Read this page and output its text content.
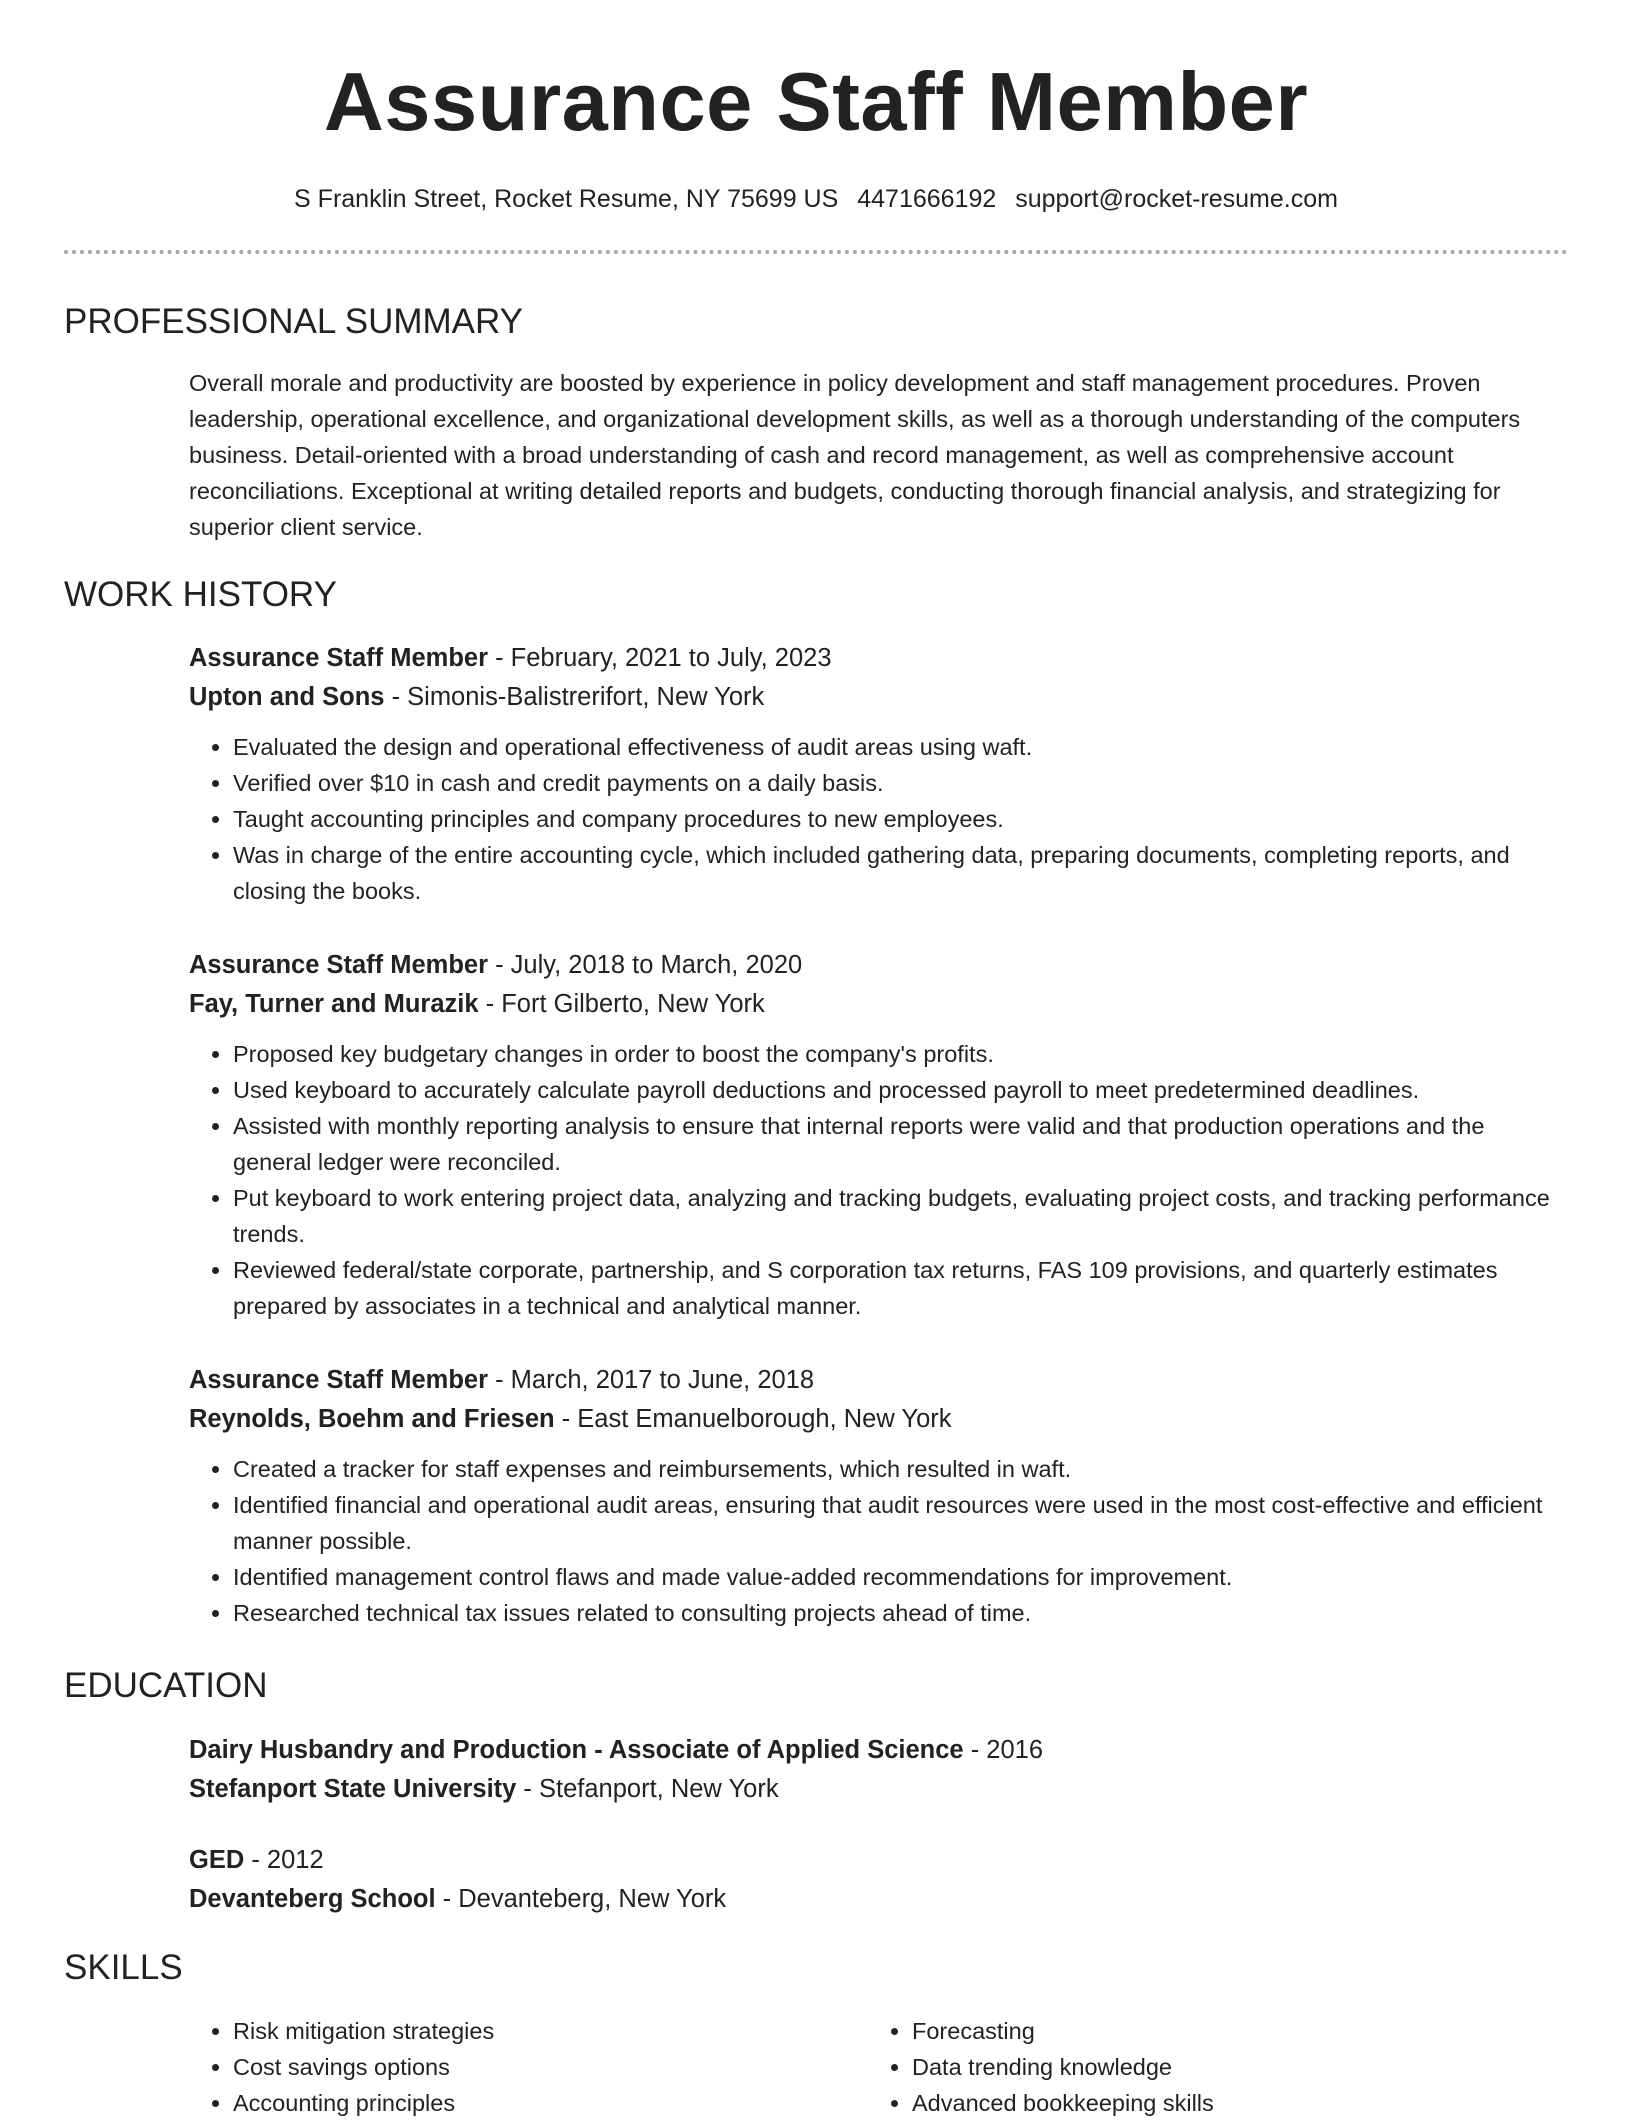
Assurance Staff Member
S Franklin Street, Rocket Resume, NY 75699 US 4471666192 support@rocket-resume.com
PROFESSIONAL SUMMARY

Overall morale and productivity are boosted by experience in policy development and staff management procedures. Proven leadership, operational excellence, and organizational development skills, as well as a thorough understanding of the computers business. Detail-oriented with a broad understanding of cash and record management, as well as comprehensive account reconciliations. Exceptional at writing detailed reports and budgets, conducting thorough financial analysis, and strategizing for superior client service.

WORK HISTORY
Assurance Staff Member - February, 2021 to July, 2023
Upton and Sons - Simonis-Balistrerifort, New York
• Evaluated the design and operational effectiveness of audit areas using waft.
• Verified over $10 in cash and credit payments on a daily basis.
• Taught accounting principles and company procedures to new employees.
• Was in charge of the entire accounting cycle, which included gathering data, preparing documents, completing reports, and closing the books.
Assurance Staff Member - July, 2018 to March, 2020
Fay, Turner and Murazik - Fort Gilberto, New York
• Proposed key budgetary changes in order to boost the company's profits.
• Used keyboard to accurately calculate payroll deductions and processed payroll to meet predetermined deadlines.
• Assisted with monthly reporting analysis to ensure that internal reports were valid and that production operations and the general ledger were reconciled.
• Put keyboard to work entering project data, analyzing and tracking budgets, evaluating project costs, and tracking performance trends.
• Reviewed federal/state corporate, partnership, and S corporation tax returns, FAS 109 provisions, and quarterly estimates prepared by associates in a technical and analytical manner.
Assurance Staff Member - March, 2017 to June, 2018
Reynolds, Boehm and Friesen - East Emanuelborough, New York
• Created a tracker for staff expenses and reimbursements, which resulted in waft.
• Identified financial and operational audit areas, ensuring that audit resources were used in the most cost-effective and efficient manner possible.
• Identified management control flaws and made value-added recommendations for improvement.
• Researched technical tax issues related to consulting projects ahead of time.
EDUCATION
Dairy Husbandry and Production - Associate of Applied Science - 2016
Stefanport State University - Stefanport, New York
GED - 2012
Devanteberg School - Devanteberg, New York
SKILLS
• Risk mitigation strategies
• Cost savings options
• Accounting principles
• Forecasting
• Data trending knowledge
• Advanced bookkeeping skills
